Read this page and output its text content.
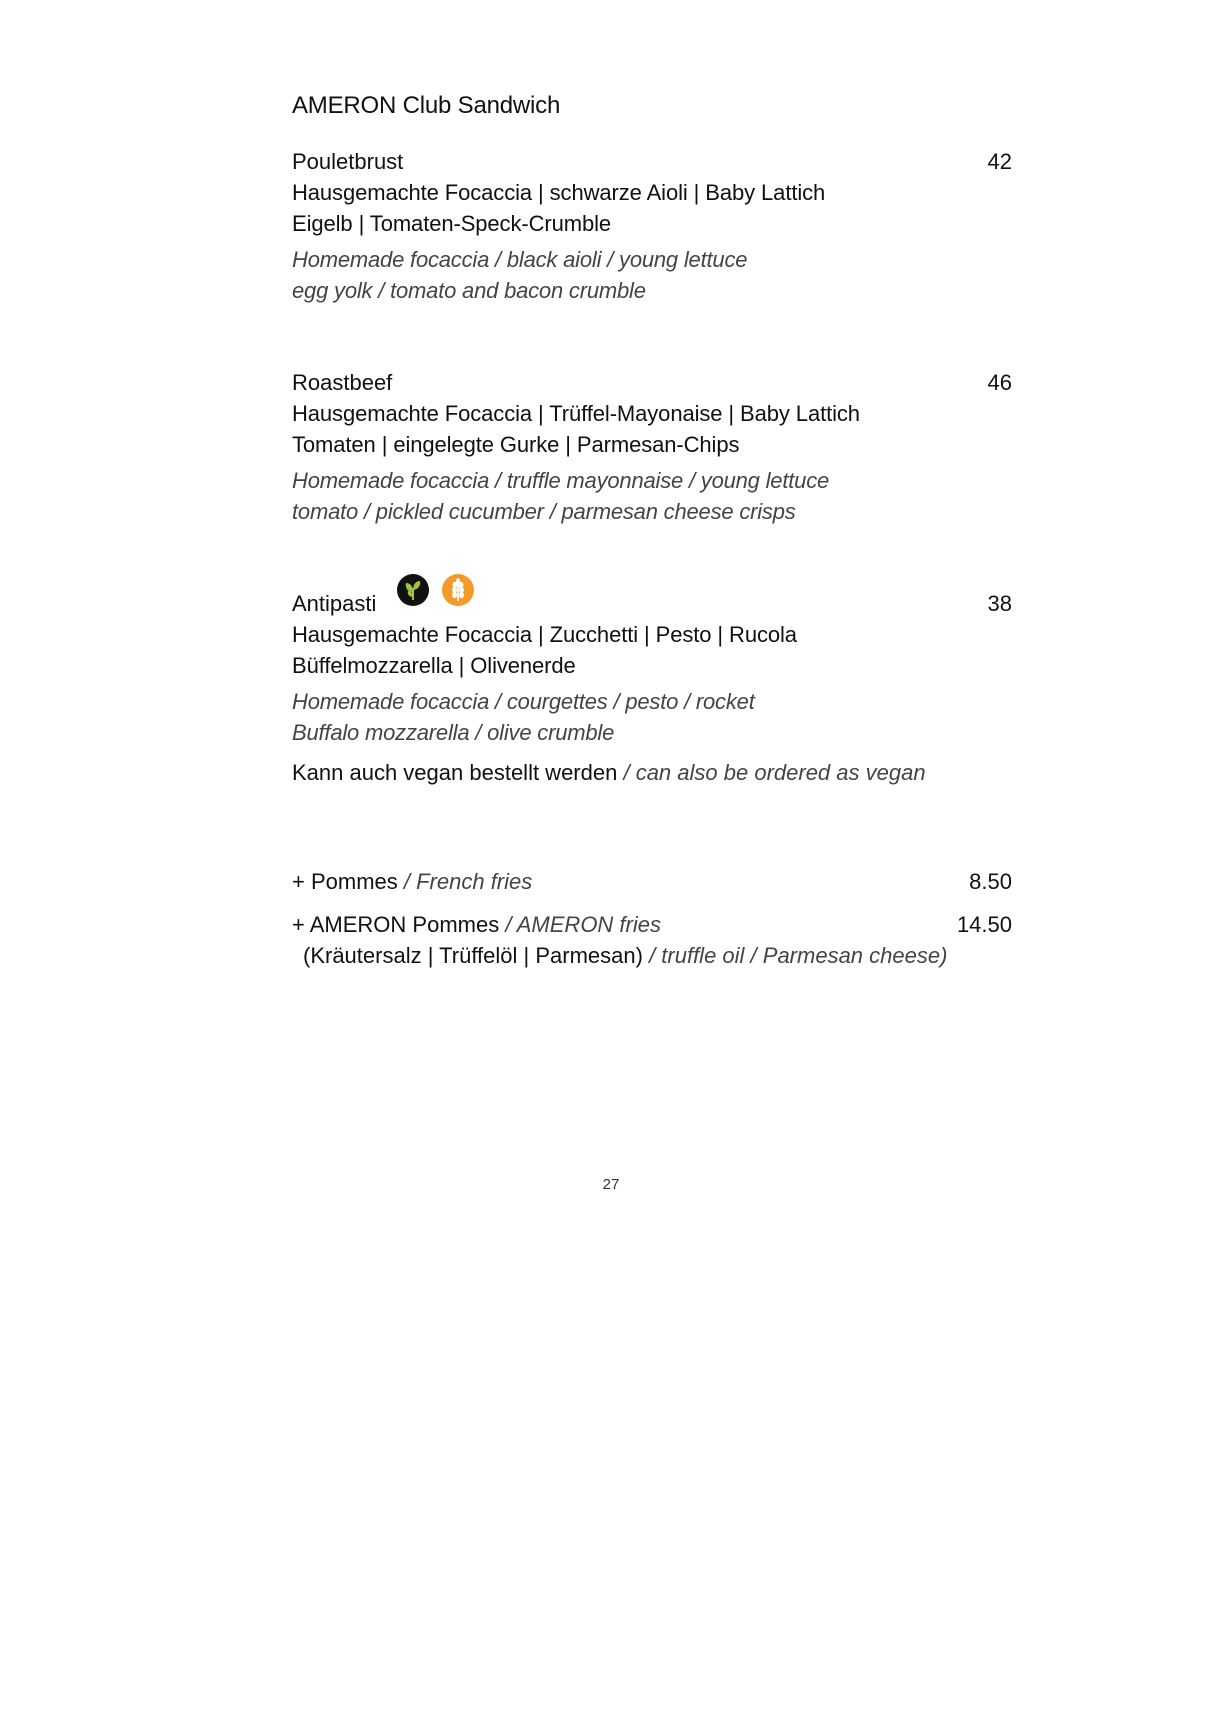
AMERON Club Sandwich
Pouletbrust	42
Hausgemachte Focaccia | schwarze Aioli | Baby Lattich
Eigelb | Tomaten-Speck-Crumble
Homemade focaccia / black aioli / young lettuce
egg yolk / tomato and bacon crumble
Roastbeef	46
Hausgemachte Focaccia | Trüffel-Mayonaise | Baby Lattich
Tomaten | eingelegte Gurke | Parmesan-Chips
Homemade focaccia / truffle mayonnaise / young lettuce
tomato / pickled cucumber / parmesan cheese crisps
Antipasti	38
Hausgemachte Focaccia | Zucchetti | Pesto | Rucola
Büffelmozzarella | Olivenerde
Homemade focaccia / courgettes / pesto / rocket
Buffalo mozzarella / olive crumble
Kann auch vegan bestellt werden / can also be ordered as vegan
+ Pommes / French fries	8.50
+ AMERON Pommes / AMERON fries	14.50
(Kräutersalz | Trüffelöl | Parmesan) / truffle oil / Parmesan cheese)
27
